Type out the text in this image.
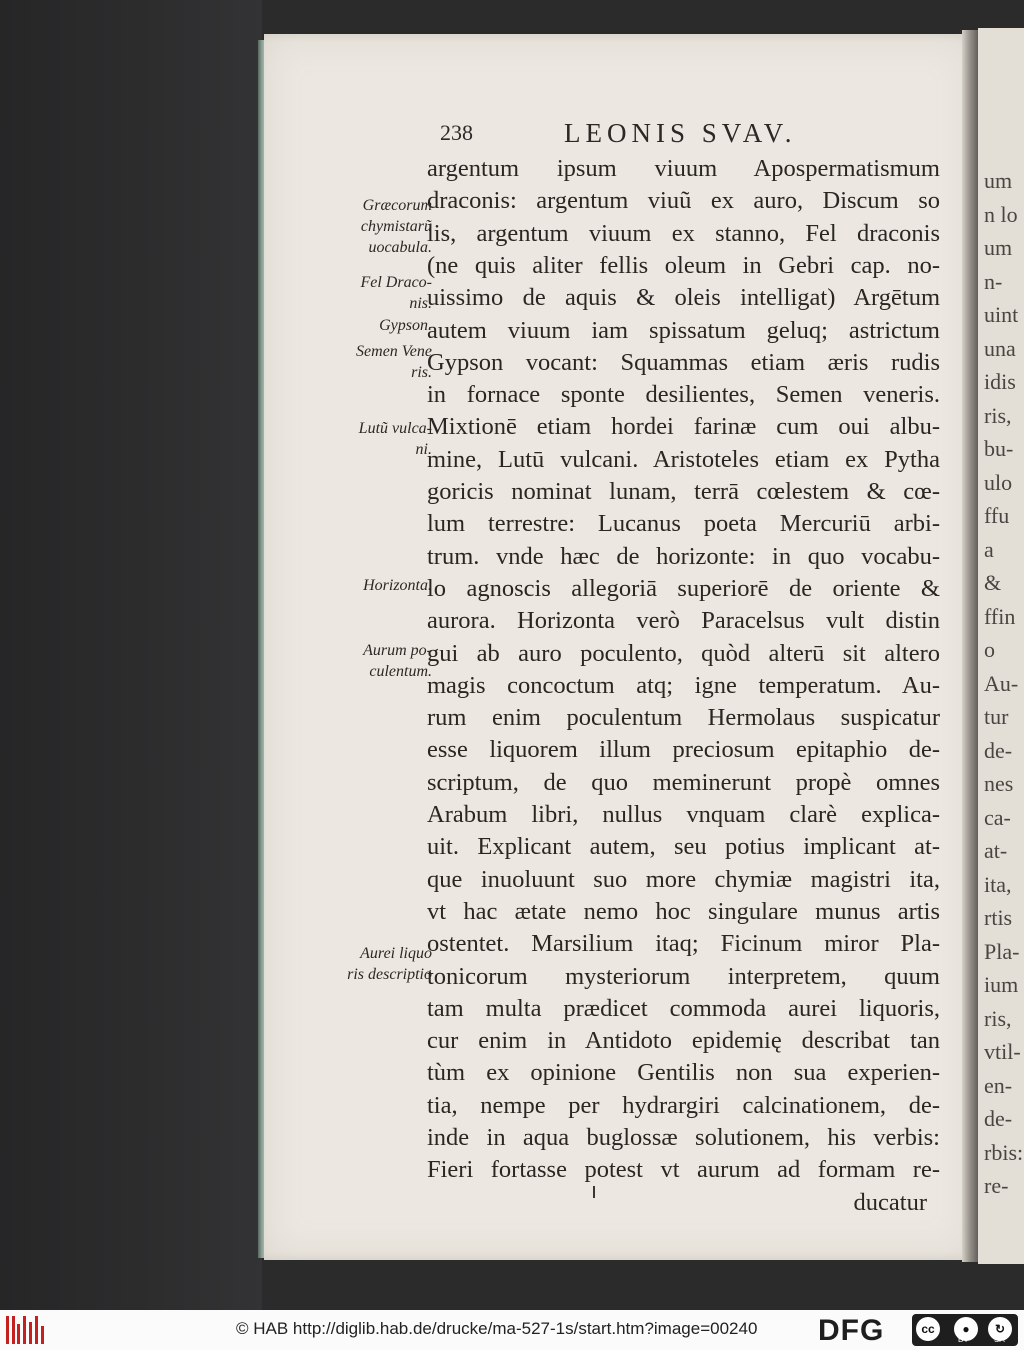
um
n lo
um
n-
uint
una
idis
ris,
bu-
ulo
ffu
a
&
ffin
o
Au-
tur
de-
nes
ca-
at-
ita,
rtis
Pla-
ium
ris,
vtil-
en-
de-
rbis:
re-
238	LEONIS SVAV.
argentum ipsum viuum Apospermatismum
draconis: argentum viuũ ex auro, Discum so
lis, argentum viuum ex stanno, Fel draconis
(ne quis aliter fellis oleum in Gebri cap. no-
uissimo de aquis & oleis intelligat) Argētum
autem viuum iam spissatum geluq; astrictum
Gypson vocant: Squammas etiam æris rudis
in fornace sponte desilientes, Semen veneris.
Mixtionē etiam hordei farinæ cum oui albu-
mine, Lutū vulcani. Aristoteles etiam ex Pytha
goricis nominat lunam, terrā cœlestem & cœ-
lum terrestre: Lucanus poeta Mercuriū arbi-
trum. vnde hæc de horizonte: in quo vocabu-
lo agnoscis allegoriā superiorē de oriente &
aurora. Horizonta verò Paracelsus vult distin
gui ab auro poculento, quòd alterū sit altero
magis concoctum atq; igne temperatum. Au-
rum enim poculentum Hermolaus suspicatur
esse liquorem illum preciosum epitaphio de-
scriptum, de quo meminerunt propè omnes
Arabum libri, nullus vnquam clarè explica-
uit. Explicant autem, seu potius implicant at-
que inuoluunt suo more chymiæ magistri ita,
vt hac ætate nemo hoc singulare munus artis
ostentet. Marsilium itaq; Ficinum miror Pla-
tonicorum mysteriorum interpretem, quum
tam multa prædicet commoda aurei liquoris,
cur enim in Antidoto epidemię describat tan
tùm ex opinione Gentilis non sua experien-
tia, nempe per hydrargiri calcinationem, de-
inde in aqua buglossæ solutionem, his verbis:
Fieri fortasse potest vt aurum ad formam re-
ducatur
Græcorum
chymistarũ
uocabula.
Fel Draco-
nis.
Gypson.
Semen Vene
ris.
Lutũ vulca-
ni.
Horizonta.
Aurum po-
culentum.
Aurei liquo
ris descriptio
© HAB http://diglib.hab.de/drucke/ma-527-1s/start.htm?image=00240 DFG	cc	●
BY
↻
SA
